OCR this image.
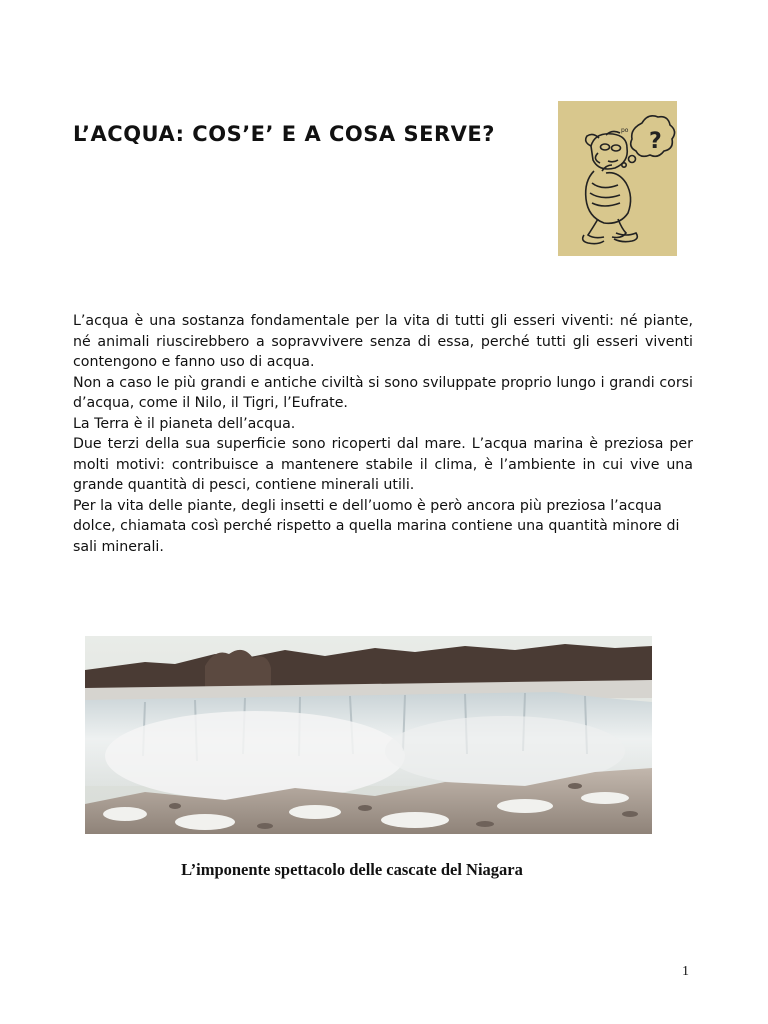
L’ACQUA: COS’E’ E A COSA SERVE?	?
po

L’acqua è una sostanza fondamentale per la vita di tutti gli esseri viventi: né piante, né animali riuscirebbero a sopravvivere senza di essa, perché tutti gli esseri viventi contengono e fanno uso di acqua.

Non a caso le più grandi e antiche civiltà si sono sviluppate proprio lungo i grandi corsi d’acqua, come il Nilo, il Tigri, l’Eufrate.

La Terra è il pianeta dell’acqua.

Due terzi della sua superficie sono ricoperti dal mare. L’acqua marina è preziosa per molti motivi: contribuisce a mantenere stabile il clima, è l’ambiente in cui vive una grande quantità di pesci, contiene minerali utili.

Per la vita delle piante, degli insetti e dell’uomo è però ancora più preziosa l’acqua dolce, chiamata così perché rispetto a quella marina contiene una quantità minore di sali minerali.

L’imponente spettacolo delle cascate del Niagara

1
